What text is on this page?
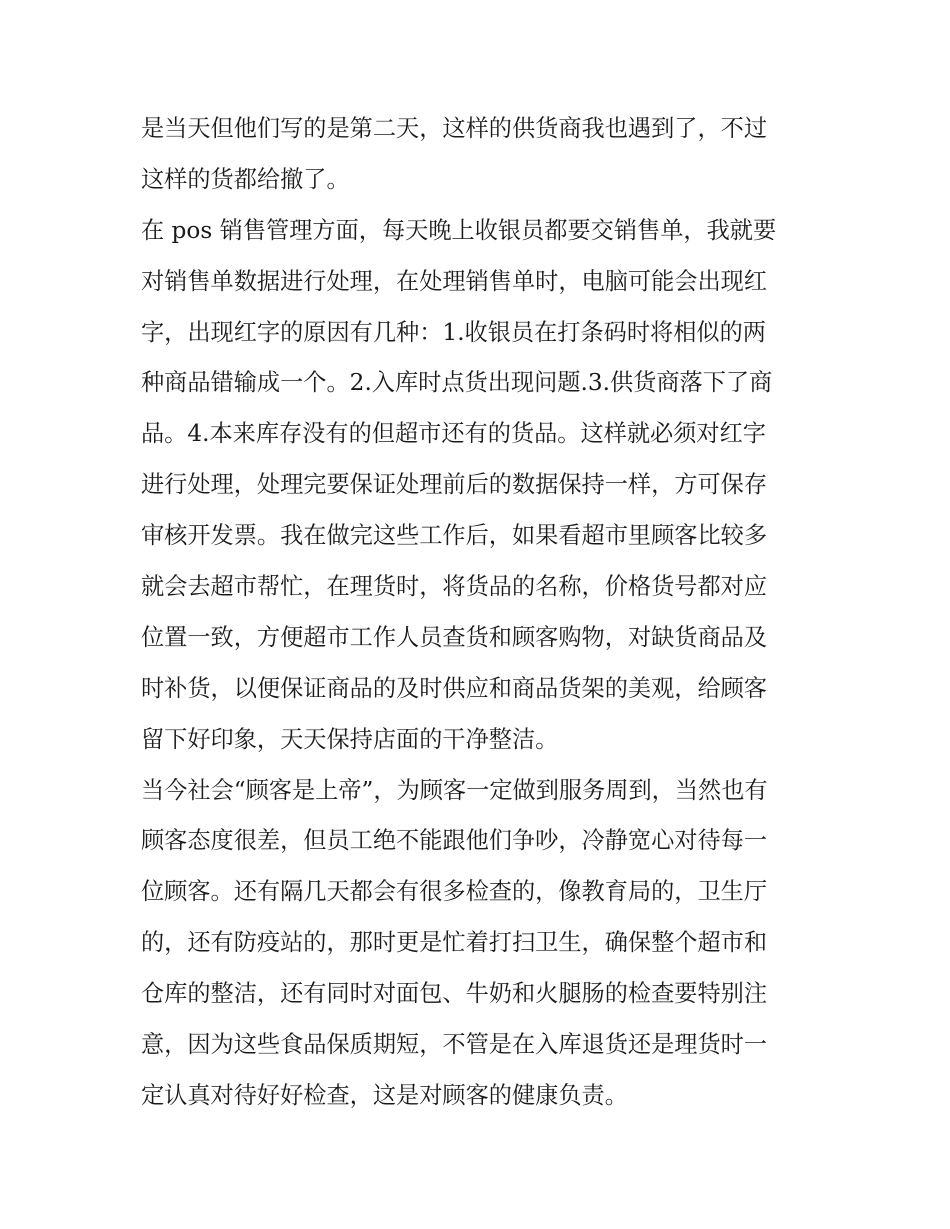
是当天但他们写的是第二天，这样的供货商我也遇到了，不过
这样的货都给撤了。
在 pos 销售管理方面，每天晚上收银员都要交销售单，我就要
对销售单数据进行处理，在处理销售单时，电脑可能会出现红
字，出现红字的原因有几种：1.收银员在打条码时将相似的两
种商品错输成一个。2.入库时点货出现问题.3.供货商落下了商
品。4.本来库存没有的但超市还有的货品。这样就必须对红字
进行处理，处理完要保证处理前后的数据保持一样，方可保存
审核开发票。我在做完这些工作后，如果看超市里顾客比较多
就会去超市帮忙，在理货时，将货品的名称，价格货号都对应
位置一致，方便超市工作人员查货和顾客购物，对缺货商品及
时补货，以便保证商品的及时供应和商品货架的美观，给顾客
留下好印象，天天保持店面的干净整洁。
当今社会“顾客是上帝”，为顾客一定做到服务周到，当然也有
顾客态度很差，但员工绝不能跟他们争吵，冷静宽心对待每一
位顾客。还有隔几天都会有很多检查的，像教育局的，卫生厅
的，还有防疫站的，那时更是忙着打扫卫生，确保整个超市和
仓库的整洁，还有同时对面包、牛奶和火腿肠的检查要特别注
意，因为这些食品保质期短，不管是在入库退货还是理货时一
定认真对待好好检查，这是对顾客的健康负责。
